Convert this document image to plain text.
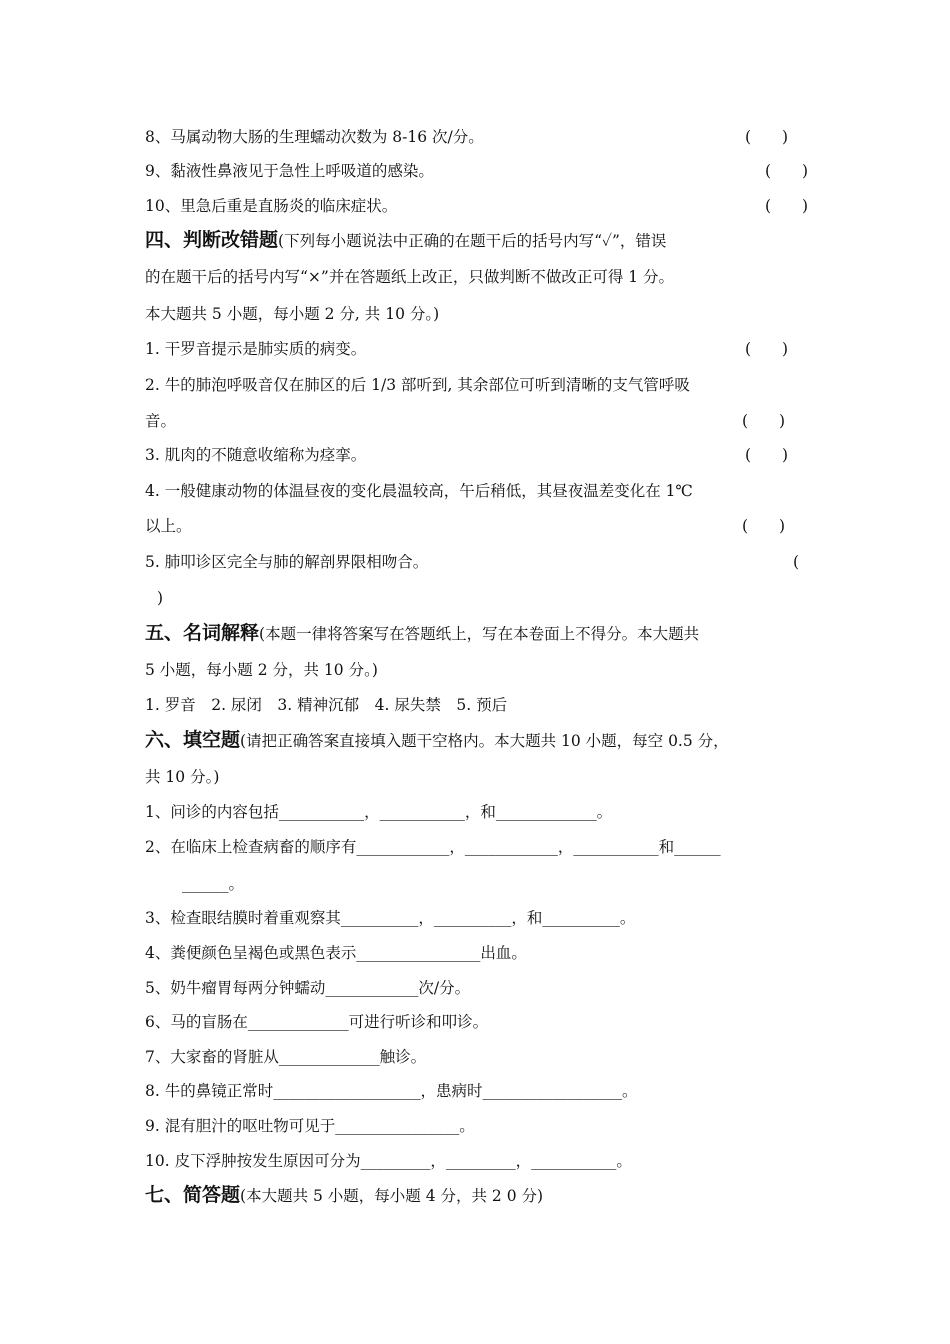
8、马属动物大肠的生理蠕动次数为 8-16 次/分。	(　　)
9、黏液性鼻液见于急性上呼吸道的感染。	(　　)
10、里急后重是直肠炎的临床症状。	(　　)
四、判断改错题(下列每小题说法中正确的在题干后的括号内写“✓”，错误
的在题干后的括号内写“×”并在答题纸上改正，只做判断不做改正可得 1 分。
本大题共 5 小题，每小题 2 分, 共 10 分。)
1. 干罗音提示是肺实质的病变。	(　　)
2. 牛的肺泡呼吸音仅在肺区的后 1/3 部听到, 其余部位可听到清晰的支气管呼吸
音。	(　　)
3. 肌肉的不随意收缩称为痉挛。	(　　)
4. 一般健康动物的体温昼夜的变化晨温较高，午后稍低，其昼夜温差变化在 1℃
以上。	(　　)
5. 肺叩诊区完全与肺的解剖界限相吻合。	(
)
五、名词解释(本题一律将答案写在答题纸上，写在本卷面上不得分。本大题共
5 小题，每小题 2 分，共 10 分。)
1. 罗音　2. 尿闭　3. 精神沉郁　4. 尿失禁　5. 预后
六、填空题(请把正确答案直接填入题干空格内。本大题共 10 小题，每空 0.5 分，
共 10 分。)
1、问诊的内容包括___________，___________，和_____________。
2、在临床上检查病畜的顺序有____________，____________，___________和______
______。
3、检查眼结膜时着重观察其__________，__________，和__________。
4、粪便颜色呈褐色或黑色表示________________出血。
5、奶牛瘤胃每两分钟蠕动____________次/分。
6、马的盲肠在_____________可进行听诊和叩诊。
7、大家畜的肾脏从_____________触诊。
8. 牛的鼻镜正常时___________________，患病时__________________。
9. 混有胆汁的呕吐物可见于________________。
10. 皮下浮肿按发生原因可分为_________，_________，___________。
七、简答题(本大题共 5 小题，每小题 4 分，共 2 0 分)
